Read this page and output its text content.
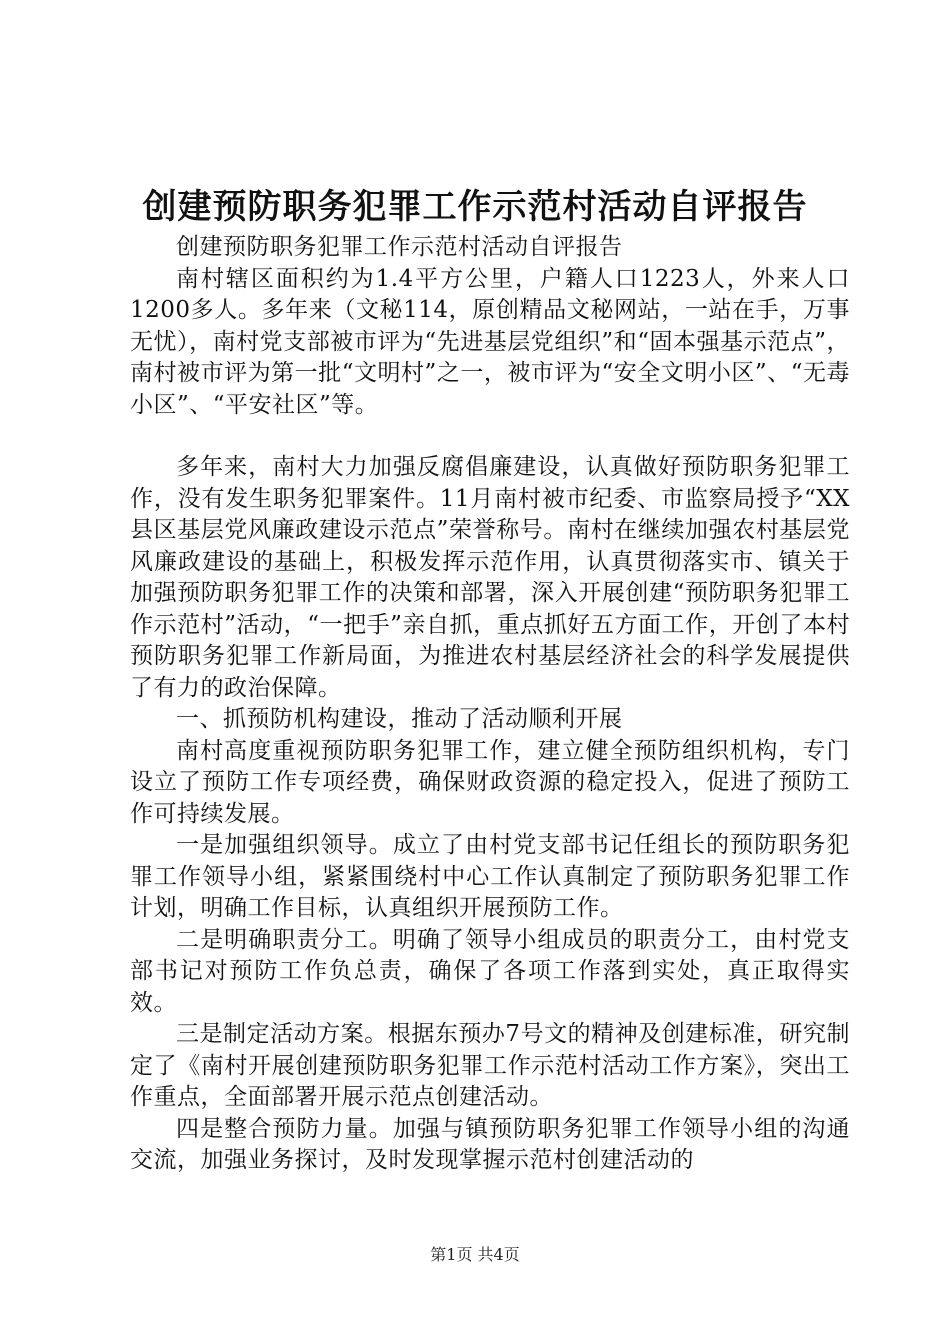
创建预防职务犯罪工作示范村活动自评报告

创建预防职务犯罪工作示范村活动自评报告

南村辖区面积约为1.4平方公里，户籍人口1223人，外来人口1200多人。多年来（文秘114，原创精品文秘网站，一站在手，万事无忧），南村党支部被市评为“先进基层党组织”和“固本强基示范点”，南村被市评为第一批“文明村”之一，被市评为“安全文明小区”、“无毒小区”、“平安社区”等。

多年来，南村大力加强反腐倡廉建设，认真做好预防职务犯罪工作，没有发生职务犯罪案件。11月南村被市纪委、市监察局授予“XX县区基层党风廉政建设示范点”荣誉称号。南村在继续加强农村基层党风廉政建设的基础上，积极发挥示范作用，认真贯彻落实市、镇关于加强预防职务犯罪工作的决策和部署，深入开展创建“预防职务犯罪工作示范村”活动，“一把手”亲自抓，重点抓好五方面工作，开创了本村预防职务犯罪工作新局面，为推进农村基层经济社会的科学发展提供了有力的政治保障。

一、抓预防机构建设，推动了活动顺利开展

南村高度重视预防职务犯罪工作，建立健全预防组织机构，专门设立了预防工作专项经费，确保财政资源的稳定投入，促进了预防工作可持续发展。

一是加强组织领导。成立了由村党支部书记任组长的预防职务犯罪工作领导小组，紧紧围绕村中心工作认真制定了预防职务犯罪工作计划，明确工作目标，认真组织开展预防工作。

二是明确职责分工。明确了领导小组成员的职责分工，由村党支部书记对预防工作负总责，确保了各项工作落到实处，真正取得实效。

三是制定活动方案。根据东预办7号文的精神及创建标准，研究制定了《南村开展创建预防职务犯罪工作示范村活动工作方案》，突出工作重点，全面部署开展示范点创建活动。

四是整合预防力量。加强与镇预防职务犯罪工作领导小组的沟通交流，加强业务探讨，及时发现掌握示范村创建活动的

第1页 共4页
